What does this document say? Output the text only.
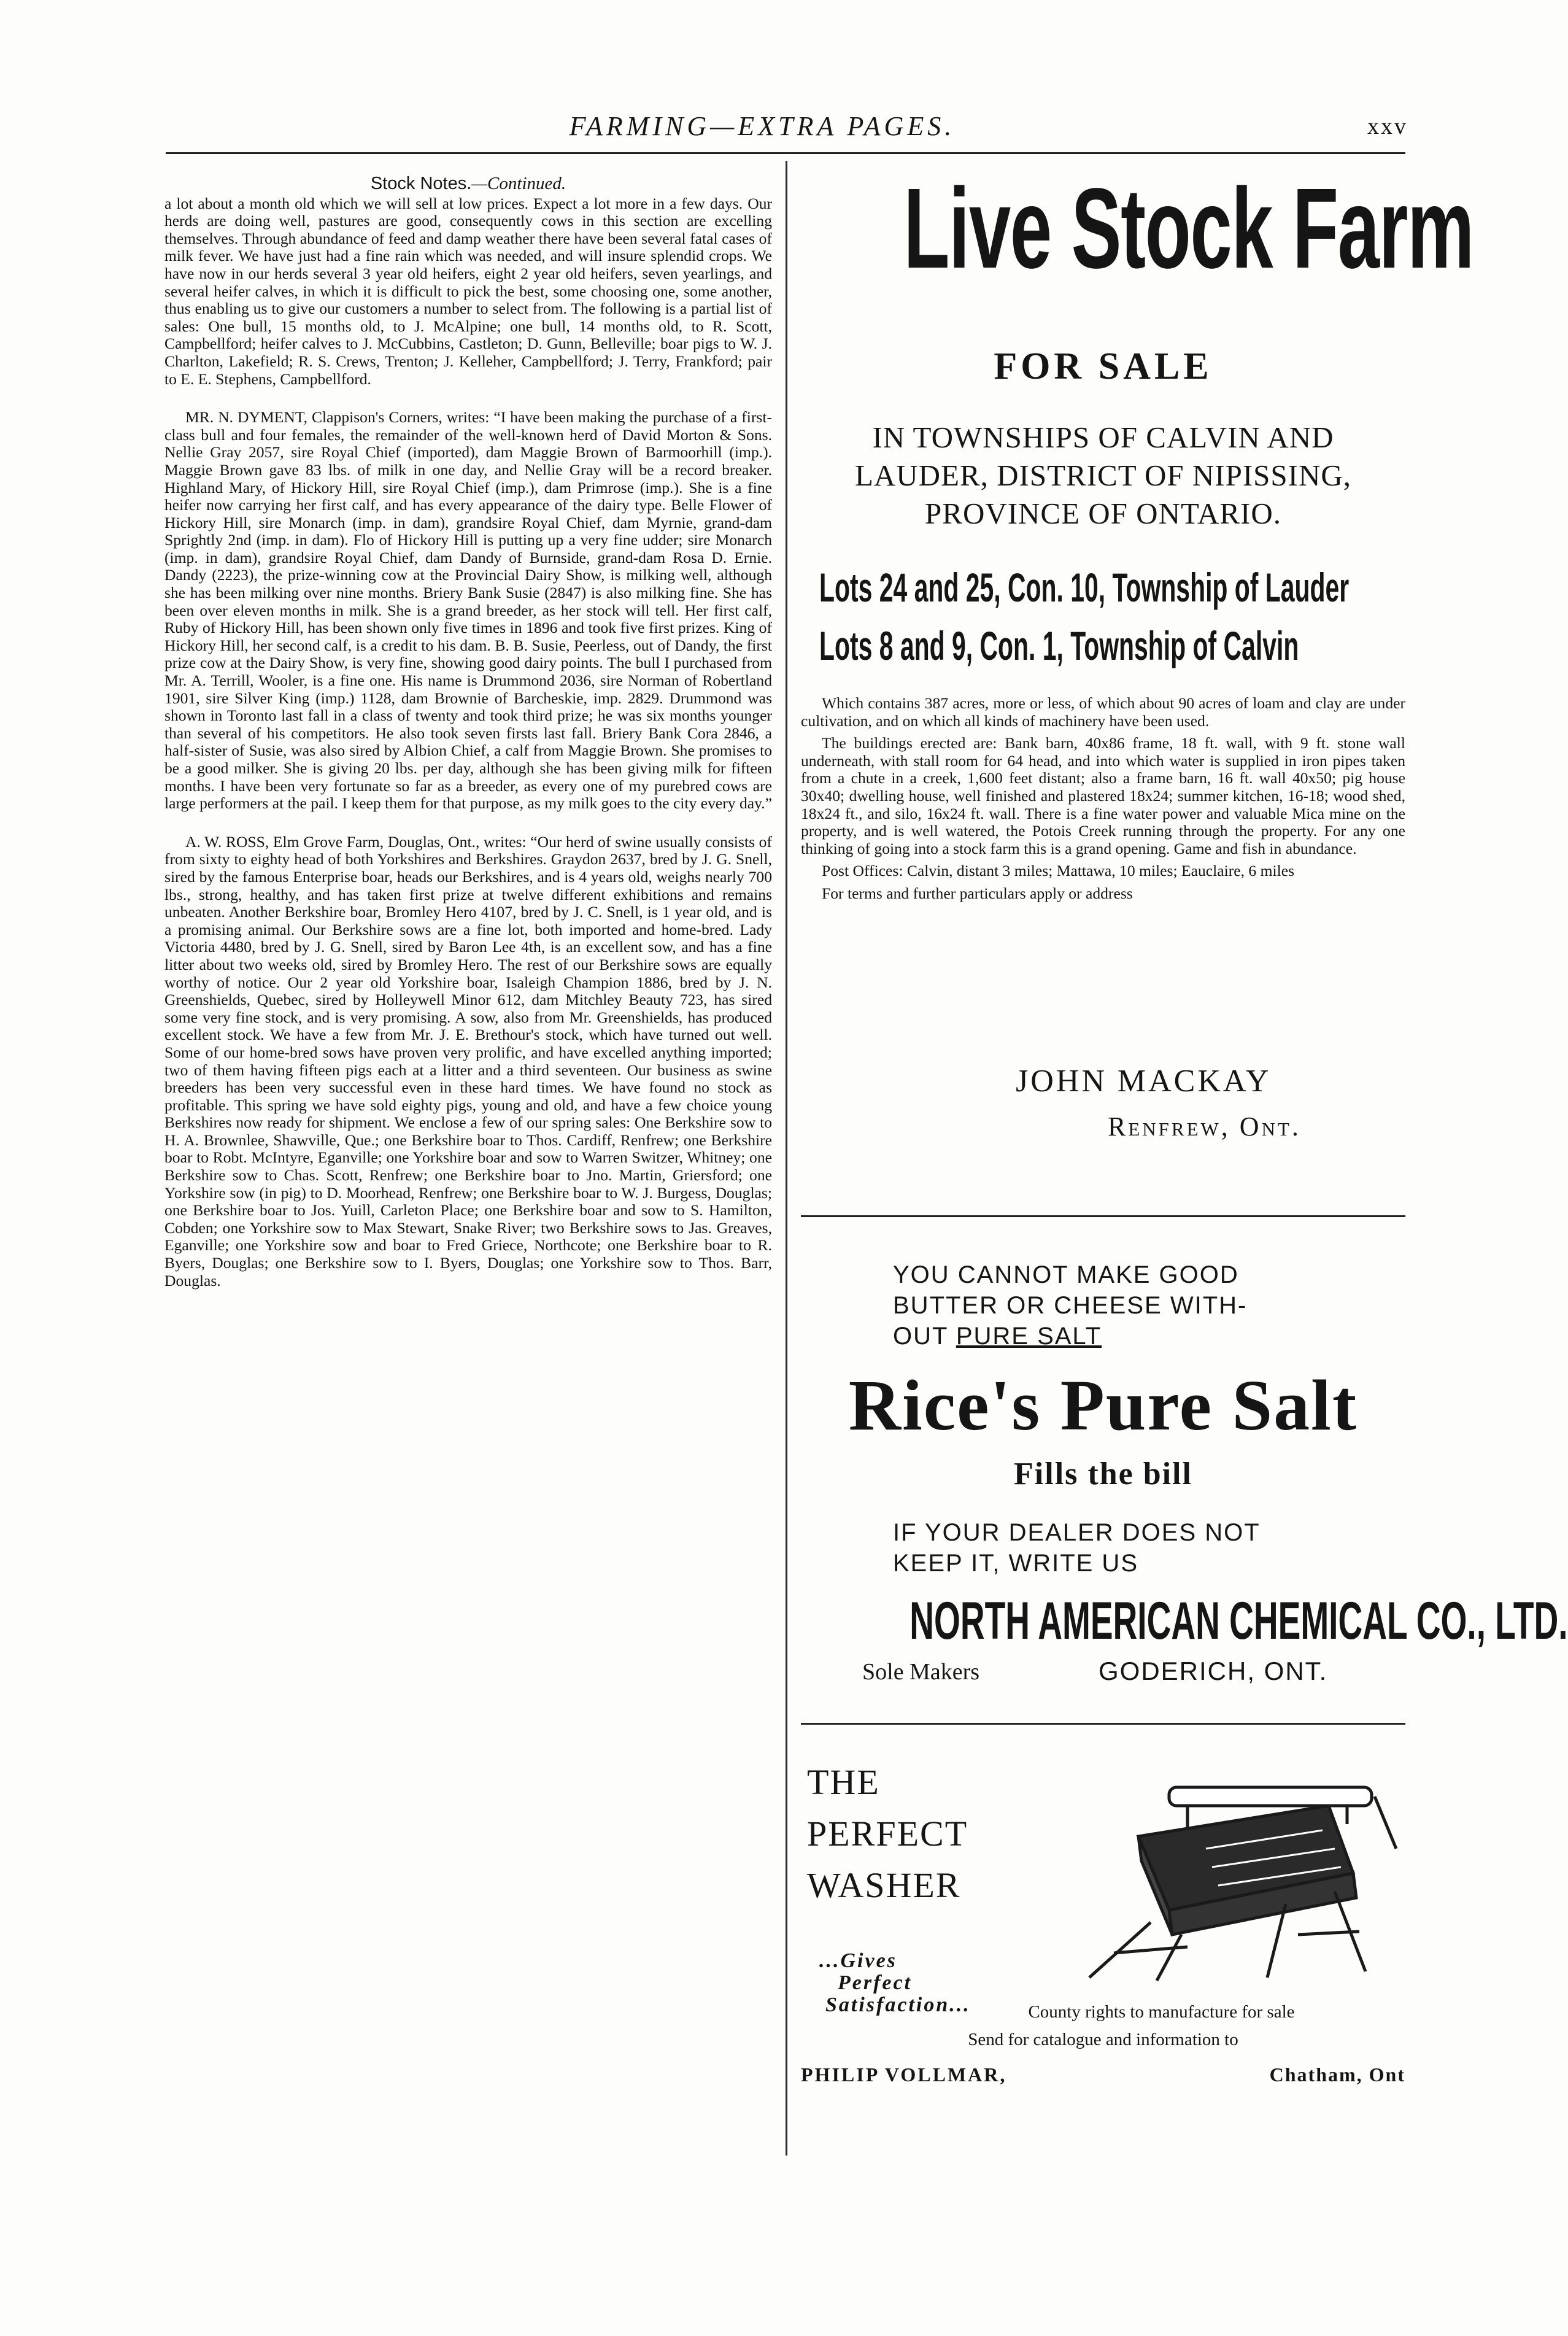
FARMING—EXTRA PAGES.	xxv
Stock Notes.—Continued.

a lot about a month old which we will sell at low prices. Expect a lot more in a few days. Our herds are doing well, pastures are good, consequently cows in this section are excelling themselves. Through abundance of feed and damp weather there have been several fatal cases of milk fever. We have just had a fine rain which was needed, and will insure splendid crops. We have now in our herds several 3 year old heifers, eight 2 year old heifers, seven yearlings, and several heifer calves, in which it is difficult to pick the best, some choosing one, some another, thus enabling us to give our customers a number to select from. The following is a partial list of sales: One bull, 15 months old, to J. McAlpine; one bull, 14 months old, to R. Scott, Campbellford; heifer calves to J. McCubbins, Castleton; D. Gunn, Belleville; boar pigs to W. J. Charlton, Lakefield; R. S. Crews, Trenton; J. Kelleher, Campbellford; J. Terry, Frankford; pair to E. E. Stephens, Campbellford.

MR. N. DYMENT, Clappison's Corners, writes: “I have been making the purchase of a first-class bull and four females, the remainder of the well-known herd of David Morton & Sons. Nellie Gray 2057, sire Royal Chief (imported), dam Maggie Brown of Barmoorhill (imp.). Maggie Brown gave 83 lbs. of milk in one day, and Nellie Gray will be a record breaker. Highland Mary, of Hickory Hill, sire Royal Chief (imp.), dam Primrose (imp.). She is a fine heifer now carrying her first calf, and has every appearance of the dairy type. Belle Flower of Hickory Hill, sire Monarch (imp. in dam), grandsire Royal Chief, dam Myrnie, grand-dam Sprightly 2nd (imp. in dam). Flo of Hickory Hill is putting up a very fine udder; sire Monarch (imp. in dam), grandsire Royal Chief, dam Dandy of Burnside, grand-dam Rosa D. Ernie. Dandy (2223), the prize-winning cow at the Provincial Dairy Show, is milking well, although she has been milking over nine months. Briery Bank Susie (2847) is also milking fine. She has been over eleven months in milk. She is a grand breeder, as her stock will tell. Her first calf, Ruby of Hickory Hill, has been shown only five times in 1896 and took five first prizes. King of Hickory Hill, her second calf, is a credit to his dam. B. B. Susie, Peerless, out of Dandy, the first prize cow at the Dairy Show, is very fine, showing good dairy points. The bull I purchased from Mr. A. Terrill, Wooler, is a fine one. His name is Drummond 2036, sire Norman of Robertland 1901, sire Silver King (imp.) 1128, dam Brownie of Barcheskie, imp. 2829. Drummond was shown in Toronto last fall in a class of twenty and took third prize; he was six months younger than several of his competitors. He also took seven firsts last fall. Briery Bank Cora 2846, a half-sister of Susie, was also sired by Albion Chief, a calf from Maggie Brown. She promises to be a good milker. She is giving 20 lbs. per day, although she has been giving milk for fifteen months. I have been very fortunate so far as a breeder, as every one of my purebred cows are large performers at the pail. I keep them for that purpose, as my milk goes to the city every day.”

A. W. ROSS, Elm Grove Farm, Douglas, Ont., writes: “Our herd of swine usually consists of from sixty to eighty head of both Yorkshires and Berkshires. Graydon 2637, bred by J. G. Snell, sired by the famous Enterprise boar, heads our Berkshires, and is 4 years old, weighs nearly 700 lbs., strong, healthy, and has taken first prize at twelve different exhibitions and remains unbeaten. Another Berkshire boar, Bromley Hero 4107, bred by J. C. Snell, is 1 year old, and is a promising animal. Our Berkshire sows are a fine lot, both imported and home-bred. Lady Victoria 4480, bred by J. G. Snell, sired by Baron Lee 4th, is an excellent sow, and has a fine litter about two weeks old, sired by Bromley Hero. The rest of our Berkshire sows are equally worthy of notice. Our 2 year old Yorkshire boar, Isaleigh Champion 1886, bred by J. N. Greenshields, Quebec, sired by Holleywell Minor 612, dam Mitchley Beauty 723, has sired some very fine stock, and is very promising. A sow, also from Mr. Greenshields, has produced excellent stock. We have a few from Mr. J. E. Brethour's stock, which have turned out well. Some of our home-bred sows have proven very prolific, and have excelled anything imported; two of them having fifteen pigs each at a litter and a third seventeen. Our business as swine breeders has been very successful even in these hard times. We have found no stock as profitable. This spring we have sold eighty pigs, young and old, and have a few choice young Berkshires now ready for shipment. We enclose a few of our spring sales: One Berkshire sow to H. A. Brownlee, Shawville, Que.; one Berkshire boar to Thos. Cardiff, Renfrew; one Berkshire boar to Robt. McIntyre, Eganville; one Yorkshire boar and sow to Warren Switzer, Whitney; one Berkshire sow to Chas. Scott, Renfrew; one Berkshire boar to Jno. Martin, Griersford; one Yorkshire sow (in pig) to D. Moorhead, Renfrew; one Berkshire boar to W. J. Burgess, Douglas; one Berkshire boar to Jos. Yuill, Carleton Place; one Berkshire boar and sow to S. Hamilton, Cobden; one Yorkshire sow to Max Stewart, Snake River; two Berkshire sows to Jas. Greaves, Eganville; one Yorkshire sow and boar to Fred Griece, Northcote; one Berkshire boar to R. Byers, Douglas; one Berkshire sow to I. Byers, Douglas; one Yorkshire sow to Thos. Barr, Douglas.

Live Stock Farm
FOR SALE
IN TOWNSHIPS OF CALVIN AND
LAUDER, DISTRICT OF NIPISSING,
PROVINCE OF ONTARIO.
Lots 24 and 25, Con. 10, Township of Lauder
Lots 8 and 9, Con. 1, Township of Calvin

Which contains 387 acres, more or less, of which about 90 acres of loam and clay are under cultivation, and on which all kinds of machinery have been used.

The buildings erected are: Bank barn, 40x86 frame, 18 ft. wall, with 9 ft. stone wall underneath, with stall room for 64 head, and into which water is supplied in iron pipes taken from a chute in a creek, 1,600 feet distant; also a frame barn, 16 ft. wall 40x50; pig house 30x40; dwelling house, well finished and plastered 18x24; summer kitchen, 16-18; wood shed, 18x24 ft., and silo, 16x24 ft. wall. There is a fine water power and valuable Mica mine on the property, and is well watered, the Potois Creek running through the property. For any one thinking of going into a stock farm this is a grand opening. Game and fish in abundance.

Post Offices: Calvin, distant 3 miles; Mattawa, 10 miles; Eauclaire, 6 miles

For terms and further particulars apply or address

JOHN MACKAY
Renfrew, Ont.
YOU CANNOT MAKE GOOD
BUTTER OR CHEESE WITH-
OUT PURE SALT
Rice's Pure Salt
Fills the bill
IF YOUR DEALER DOES NOT
KEEP IT, WRITE US
NORTH AMERICAN CHEMICAL CO., LTD.
Sole Makers	GODERICH, ONT.
THE
PERFECT
WASHER
...Gives
Perfect
Satisfaction...	County rights to manufacture for sale
Send for catalogue and information to
PHILIP VOLLMAR,	Chatham, Ont
